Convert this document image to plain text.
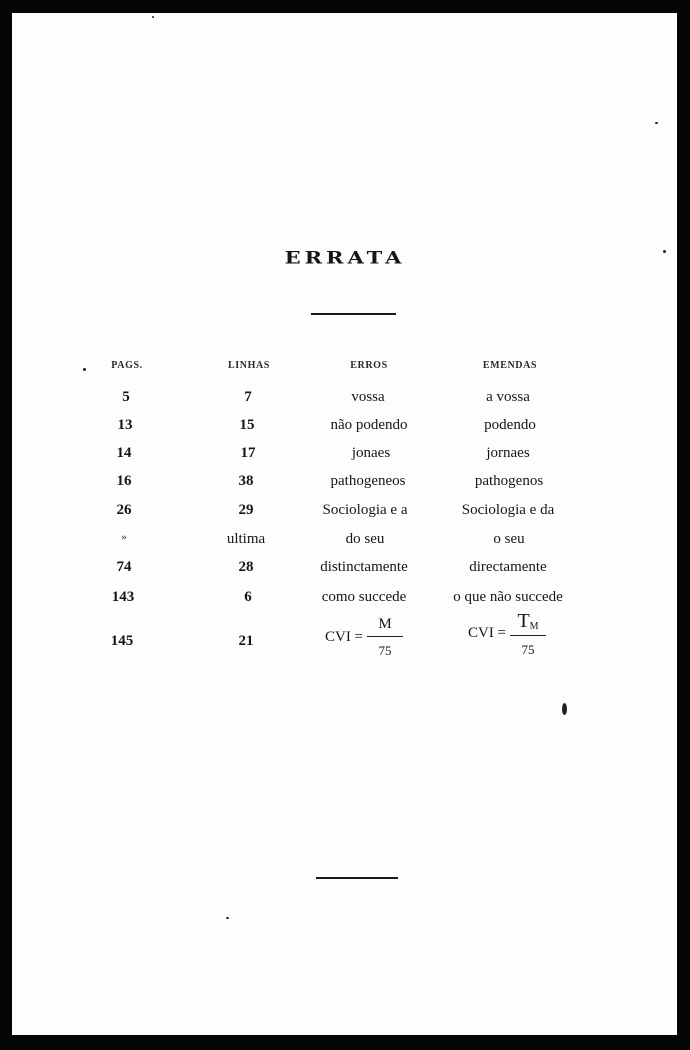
ERRATA
PAGS.	LINHAS	ERROS	EMENDAS
5	7	vossa	a vossa
13	15	não podendo	podendo
14	17	jonaes	jornaes
16	38	pathogeneos	pathogenos
26	29	Sociologia e a	Sociologia e da
»	ultima	do seu	o seu
74	28	distinctamente	directamente
143	6	como succede	o que não succede
145	21	CVI = $\frac{M}{75}$	CVI = $\frac{T_M}{75}$
